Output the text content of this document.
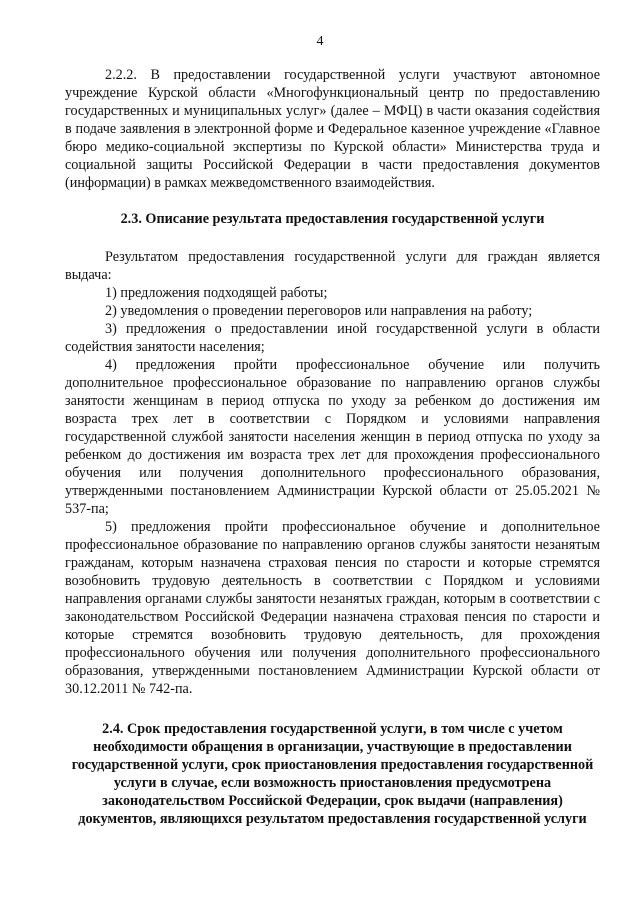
4

2.2.2. В предоставлении государственной услуги участвуют автономное учреждение Курской области «Многофункциональный центр по предоставлению государственных и муниципальных услуг» (далее – МФЦ) в части оказания содействия в подаче заявления в электронной форме и Федеральное казенное учреждение «Главное бюро медико-социальной экспертизы по Курской области» Министерства труда и социальной защиты Российской Федерации в части предоставления документов (информации) в рамках межведомственного взаимодействия.

2.3. Описание результата предоставления государственной услуги

Результатом предоставления государственной услуги для граждан является выдача:

1) предложения подходящей работы;

2) уведомления о проведении переговоров или направления на работу;

3) предложения о предоставлении иной государственной услуги в области содействия занятости населения;

4) предложения пройти профессиональное обучение или получить дополнительное профессиональное образование по направлению органов службы занятости женщинам в период отпуска по уходу за ребенком до достижения им возраста трех лет в соответствии с Порядком и условиями направления государственной службой занятости населения женщин в период отпуска по уходу за ребенком до достижения им возраста трех лет для прохождения профессионального обучения или получения дополнительного профессионального образования, утвержденными постановлением Администрации Курской области от 25.05.2021 № 537-па;

5) предложения пройти профессиональное обучение и дополнительное профессиональное образование по направлению органов службы занятости незанятым гражданам, которым назначена страховая пенсия по старости и которые стремятся возобновить трудовую деятельность в соответствии с Порядком и условиями направления органами службы занятости незанятых граждан, которым в соответствии с законодательством Российской Федерации назначена страховая пенсия по старости и которые стремятся возобновить трудовую деятельность, для прохождения профессионального обучения или получения дополнительного профессионального образования, утвержденными постановлением Администрации Курской области от 30.12.2011 № 742-па.

2.4. Срок предоставления государственной услуги, в том числе с учетом необходимости обращения в организации, участвующие в предоставлении государственной услуги, срок приостановления предоставления государственной услуги в случае, если возможность приостановления предусмотрена законодательством Российской Федерации, срок выдачи (направления) документов, являющихся результатом предоставления государственной услуги
